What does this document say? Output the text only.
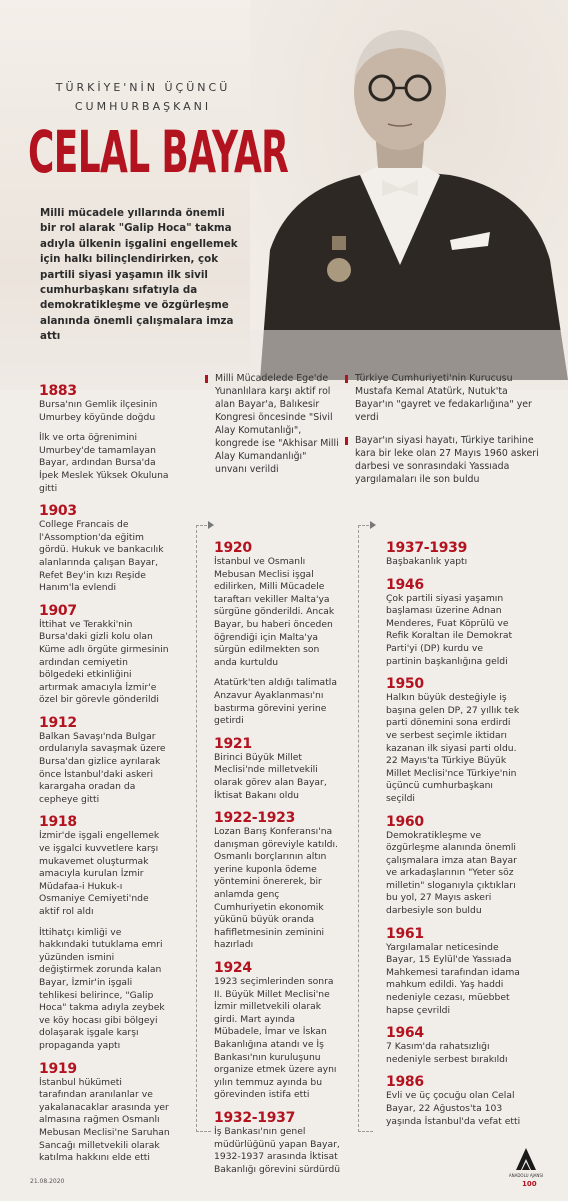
TÜRKİYE'NİN ÜÇÜNCÜ
CUMHURBAŞKANI
CELAL BAYAR
Milli mücadele yıllarında önemli bir rol alarak "Galip Hoca" takma adıyla ülkenin işgalini engellemek için halkı bilinçlendirirken, çok partili siyasi yaşamın ilk sivil cumhurbaşkanı sıfatıyla da demokratikleşme ve özgürleşme alanında önemli çalışmalara imza attı
Milli Mücadelede Ege'de Yunanlılara karşı aktif rol alan Bayar'a, Balıkesir Kongresi öncesinde "Sivil Alay Komutanlığı", kongrede ise "Akhisar Milli Alay Kumandanlığı" unvanı verildi
Türkiye Cumhuriyeti'nin Kurucusu Mustafa Kemal Atatürk, Nutuk'ta Bayar'ın "gayret ve fedakarlığına" yer verdi
Bayar'ın siyasi hayatı, Türkiye tarihine kara bir leke olan 27 Mayıs 1960 askeri darbesi ve sonrasındaki Yassıada yargılamaları ile son buldu
1883

Bursa'nın Gemlik ilçesinin Umurbey köyünde doğdu

İlk ve orta öğrenimini Umurbey'de tamamlayan Bayar, ardından Bursa'da İpek Meslek Yüksek Okuluna gitti

1903

College Francais de l'Assomption'da eğitim gördü. Hukuk ve bankacılık alanlarında çalışan Bayar, Refet Bey'in kızı Reşide Hanım'la evlendi

1907

İttihat ve Terakki'nin Bursa'daki gizli kolu olan Küme adlı örgüte girmesinin ardından cemiyetin bölgedeki etkinliğini artırmak amacıyla İzmir'e özel bir görevle gönderildi

1912

Balkan Savaşı'nda Bulgar ordularıyla savaşmak üzere Bursa'dan gizlice ayrılarak önce İstanbul'daki askeri karargaha oradan da cepheye gitti

1918

İzmir'de işgali engellemek ve işgalci kuvvetlere karşı mukavemet oluşturmak amacıyla kurulan İzmir Müdafaa-i Hukuk-ı Osmaniye Cemiyeti'nde aktif rol aldı

İttihatçı kimliği ve hakkındaki tutuklama emri yüzünden ismini değiştirmek zorunda kalan Bayar, İzmir'in işgali tehlikesi belirince, "Galip Hoca" takma adıyla zeybek ve köy hocası gibi bölgeyi dolaşarak işgale karşı propaganda yaptı

1919

İstanbul hükümeti tarafından aranılanlar ve yakalanacaklar arasında yer almasına rağmen Osmanlı Mebusan Meclisi'ne Saruhan Sancağı milletvekili olarak katılma hakkını elde etti

1920

İstanbul ve Osmanlı Mebusan Meclisi işgal edilirken, Milli Mücadele taraftarı vekiller Malta'ya sürgüne gönderildi. Ancak Bayar, bu haberi önceden öğrendiği için Malta'ya sürgün edilmekten son anda kurtuldu

Atatürk'ten aldığı talimatla Anzavur Ayaklanması'nı bastırma görevini yerine getirdi

1921

Birinci Büyük Millet Meclisi'nde milletvekili olarak görev alan Bayar, İktisat Bakanı oldu

1922-1923

Lozan Barış Konferansı'na danışman göreviyle katıldı. Osmanlı borçlarının altın yerine kuponla ödeme yöntemini önererek, bir anlamda genç Cumhuriyetin ekonomik yükünü büyük oranda hafifletmesinin zeminini hazırladı

1924

1923 seçimlerinden sonra II. Büyük Millet Meclisi'ne İzmir milletvekili olarak girdi. Mart ayında Mübadele, İmar ve İskan Bakanlığına atandı ve İş Bankası'nın kuruluşunu organize etmek üzere aynı yılın temmuz ayında bu görevinden istifa etti

1932-1937

İş Bankası'nın genel müdürlüğünü yapan Bayar, 1932-1937 arasında İktisat Bakanlığı görevini sürdürdü

1937-1939

Başbakanlık yaptı

1946

Çok partili siyasi yaşamın başlaması üzerine Adnan Menderes, Fuat Köprülü ve Refik Koraltan ile Demokrat Parti'yi (DP) kurdu ve partinin başkanlığına geldi

1950

Halkın büyük desteğiyle iş başına gelen DP, 27 yıllık tek parti dönemini sona erdirdi ve serbest seçimle iktidarı kazanan ilk siyasi parti oldu. 22 Mayıs'ta Türkiye Büyük Millet Meclisi'nce Türkiye'nin üçüncü cumhurbaşkanı seçildi

1960

Demokratikleşme ve özgürleşme alanında önemli çalışmalara imza atan Bayar ve arkadaşlarının "Yeter söz milletin" sloganıyla çıktıkları bu yol, 27 Mayıs askeri darbesiyle son buldu

1961

Yargılamalar neticesinde Bayar, 15 Eylül'de Yassıada Mahkemesi tarafından idama mahkum edildi. Yaş haddi nedeniyle cezası, müebbet hapse çevrildi

1964

7 Kasım'da rahatsızlığı nedeniyle serbest bırakıldı

1986

Evli ve üç çocuğu olan Celal Bayar, 22 Ağustos'ta 103 yaşında İstanbul'da vefat etti

21.08.2020
ANADOLU AJANSI
100
